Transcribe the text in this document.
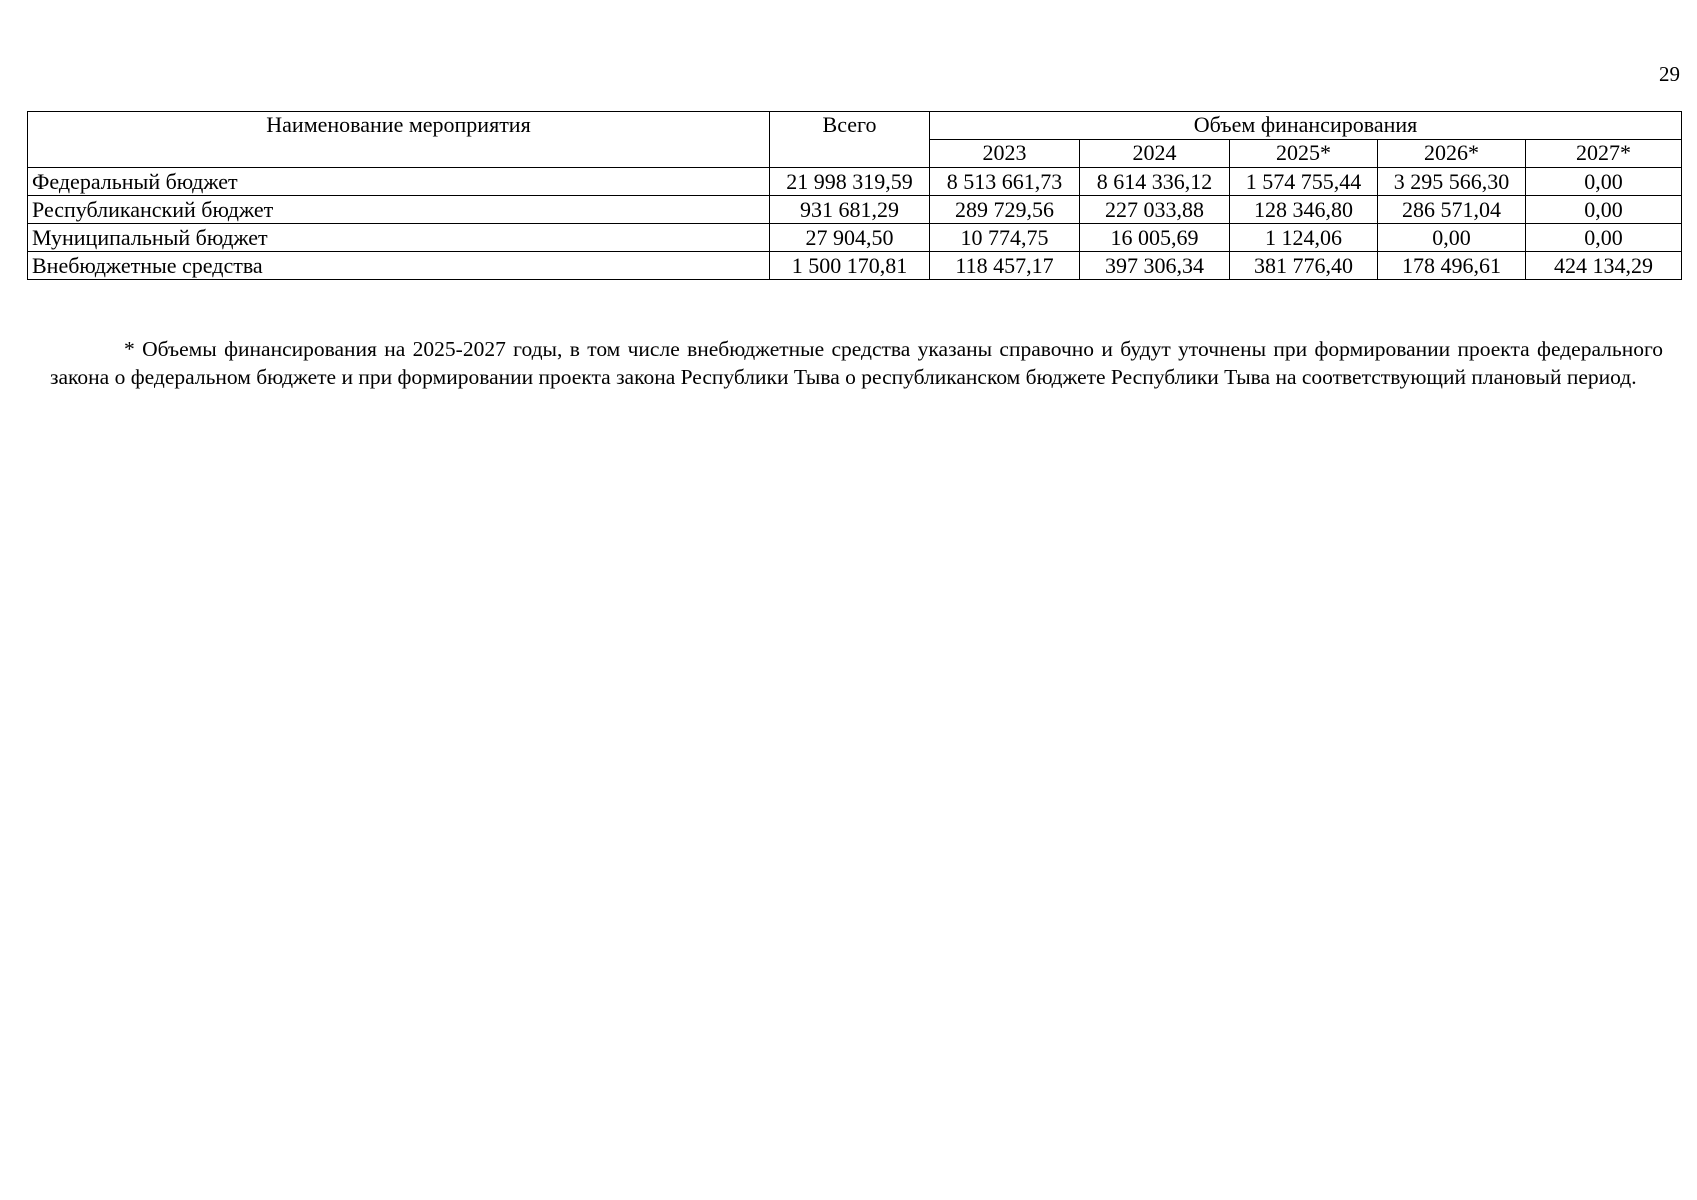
29
Наименование мероприятия	Всего	Объем финансирования				
		2023	2024	2025*	2026*	2027*
Федеральный бюджет	21 998 319,59	8 513 661,73	8 614 336,12	1 574 755,44	3 295 566,30	0,00
Республиканский бюджет	931 681,29	289 729,56	227 033,88	128 346,80	286 571,04	0,00
Муниципальный бюджет	27 904,50	10 774,75	16 005,69	1 124,06	0,00	0,00
Внебюджетные средства	1 500 170,81	118 457,17	397 306,34	381 776,40	178 496,61	424 134,29

* Объемы финансирования на 2025-2027 годы, в том числе внебюджетные средства указаны справочно и будут уточнены при формировании проекта федерального закона о федеральном бюджете и при формировании проекта закона Республики Тыва о республиканском бюджете Республики Тыва на соответствующий плановый период.
